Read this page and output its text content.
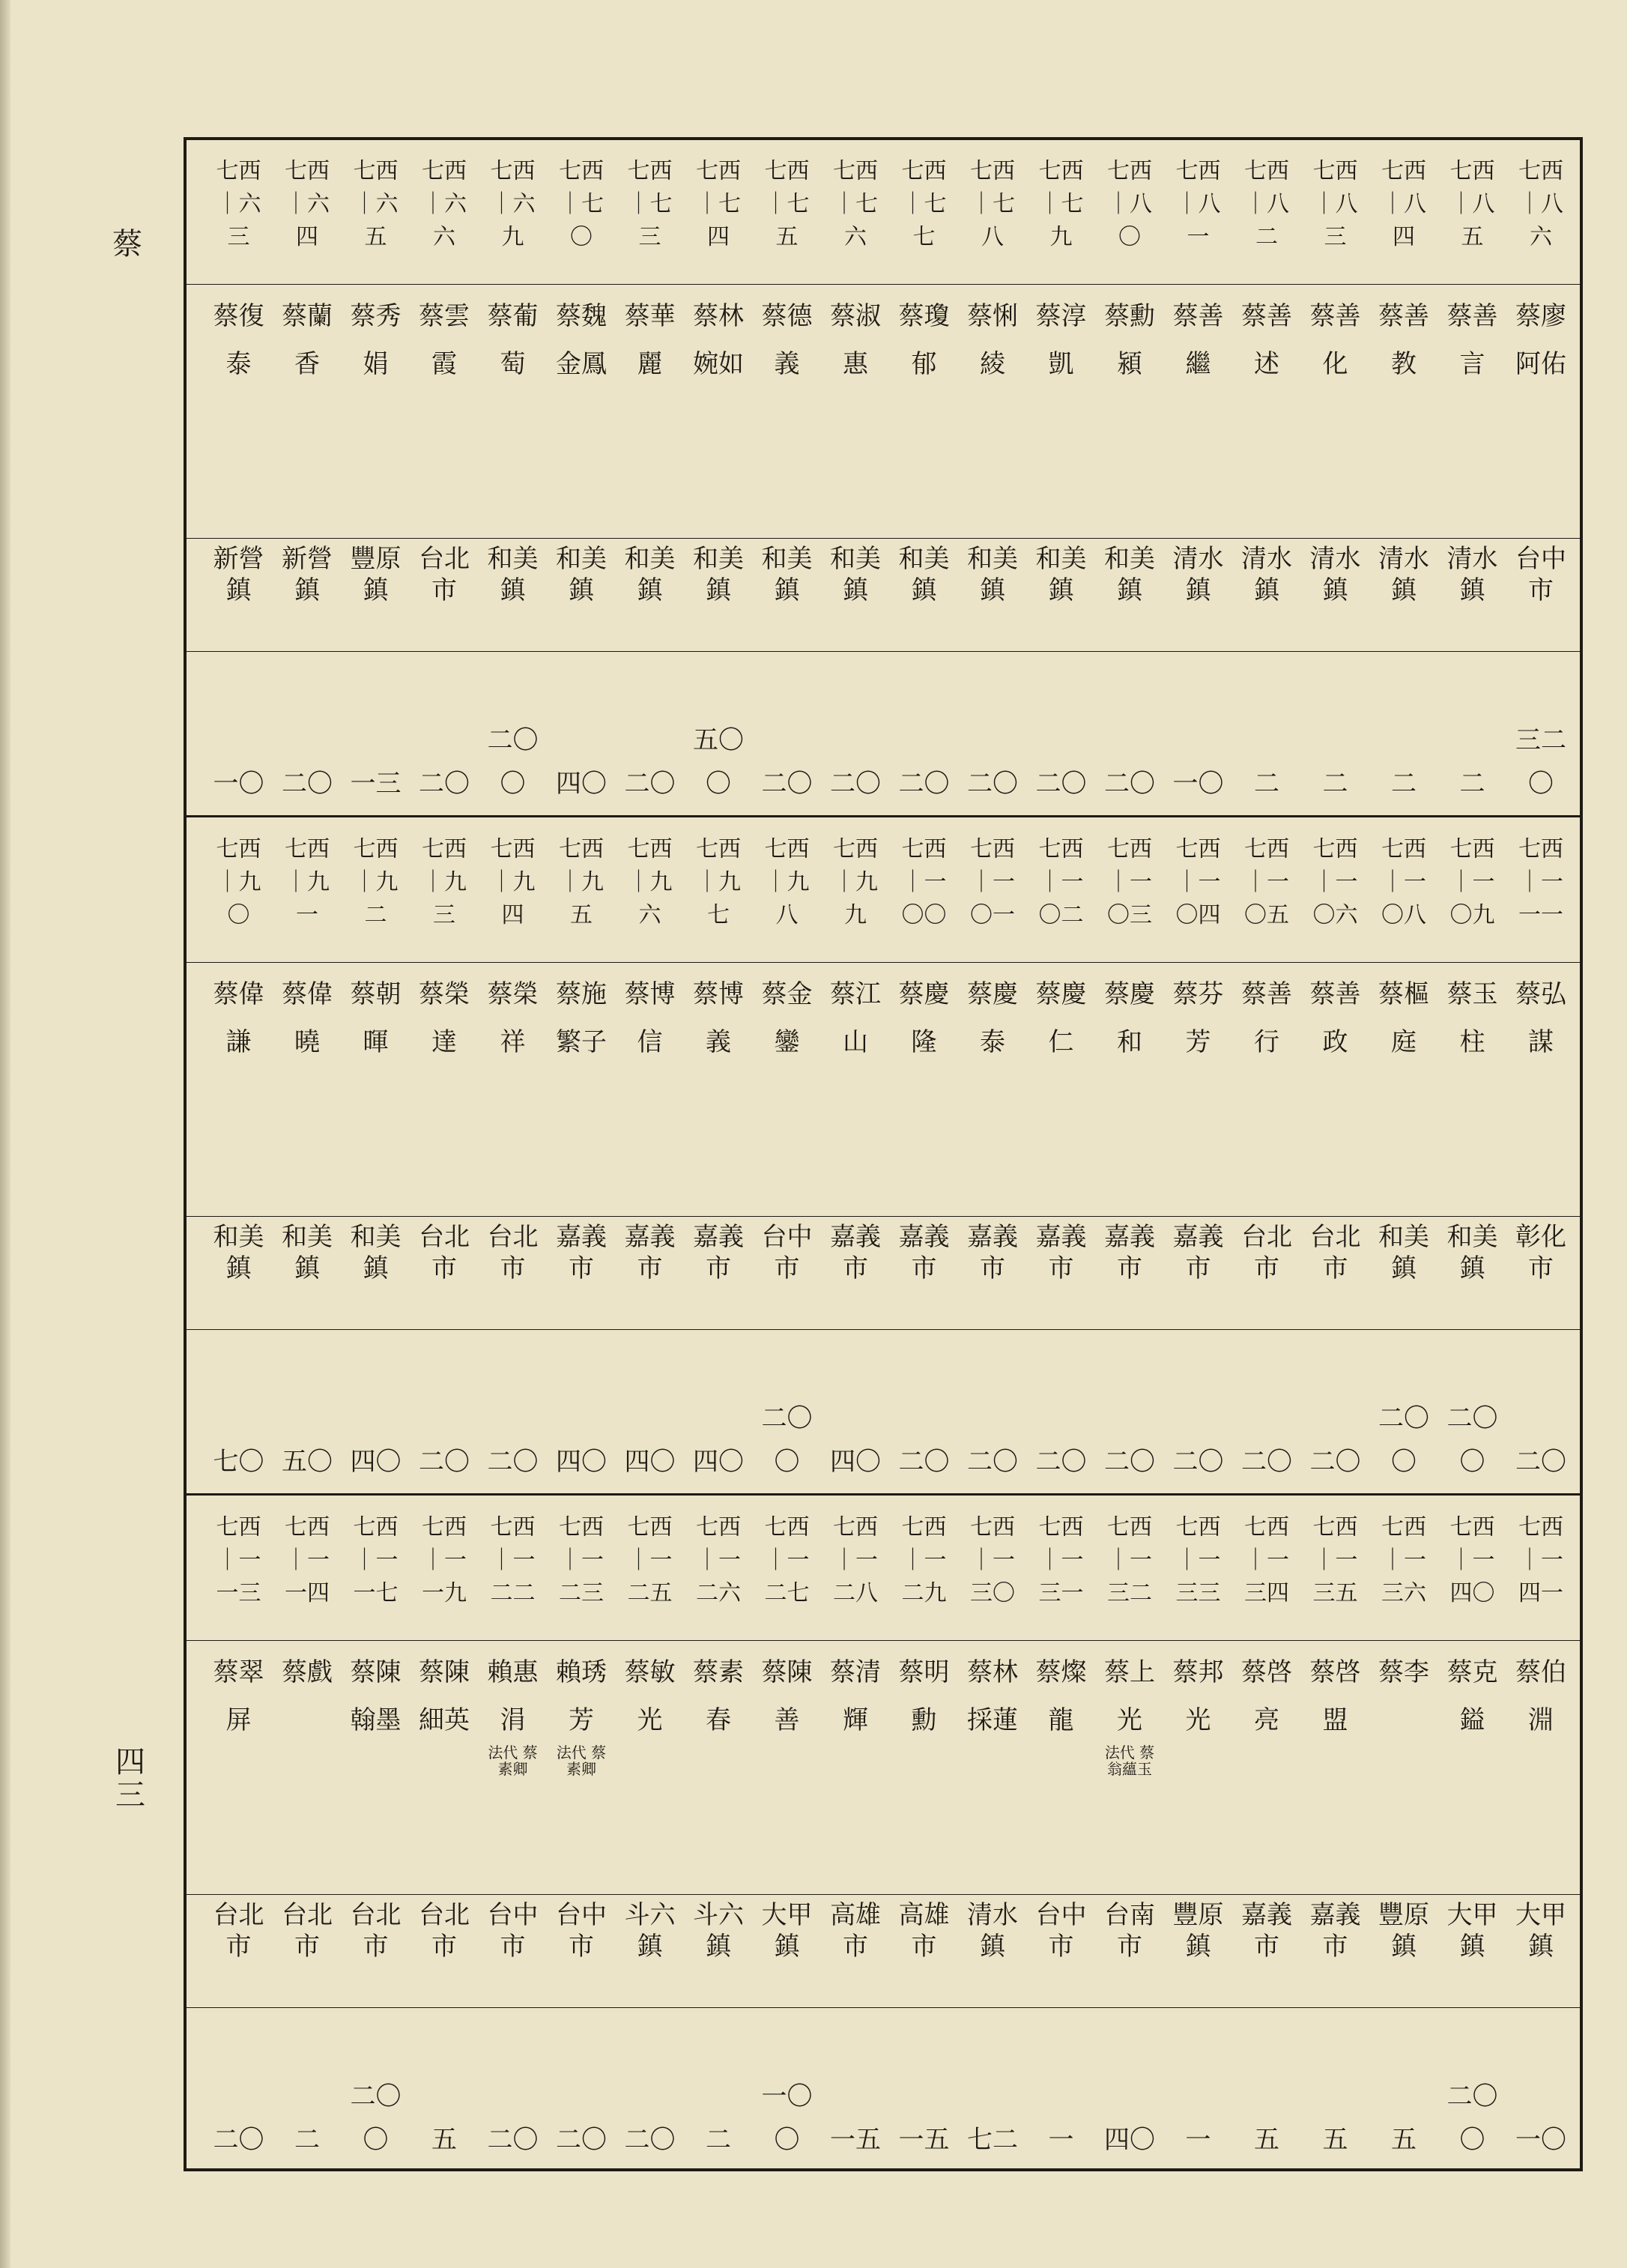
蔡
四三
七西｜八六
蔡廖阿佑
台中市
三二〇
七西｜八五
蔡善言
清水鎮
二
七西｜八四
蔡善教
清水鎮
二
七西｜八三
蔡善化
清水鎮
二
七西｜八二
蔡善述
清水鎮
二
七西｜八一
蔡善繼
清水鎮
一〇
七西｜八〇
蔡勳潁
和美鎮
二〇
七西｜七九
蔡淳凱
和美鎮
二〇
七西｜七八
蔡悧綾
和美鎮
二〇
七西｜七七
蔡瓊郁
和美鎮
二〇
七西｜七六
蔡淑惠
和美鎮
二〇
七西｜七五
蔡德義
和美鎮
二〇
七西｜七四
蔡林婉如
和美鎮
五〇〇
七西｜七三
蔡華麗
和美鎮
二〇
七西｜七〇
蔡魏金鳳
和美鎮
四〇
七西｜六九
蔡葡萄
和美鎮
二〇〇
七西｜六六
蔡雲霞
台北市
二〇
七西｜六五
蔡秀娟
豐原鎮
一三
七西｜六四
蔡蘭香
新營鎮
二〇
七西｜六三
蔡復泰
新營鎮
一〇
七西｜一一一
蔡弘謀
彰化市
二〇
七西｜一〇九
蔡玉柱
和美鎮
二〇〇
七西｜一〇八
蔡樞庭
和美鎮
二〇〇
七西｜一〇六
蔡善政
台北市
二〇
七西｜一〇五
蔡善行
台北市
二〇
七西｜一〇四
蔡芬芳
嘉義市
二〇
七西｜一〇三
蔡慶和
嘉義市
二〇
七西｜一〇二
蔡慶仁
嘉義市
二〇
七西｜一〇一
蔡慶泰
嘉義市
二〇
七西｜一〇〇
蔡慶隆
嘉義市
二〇
七西｜九九
蔡江山
嘉義市
四〇
七西｜九八
蔡金鑾
台中市
二〇〇
七西｜九七
蔡博義
嘉義市
四〇
七西｜九六
蔡博信
嘉義市
四〇
七西｜九五
蔡施繁子
嘉義市
四〇
七西｜九四
蔡榮祥
台北市
二〇
七西｜九三
蔡榮達
台北市
二〇
七西｜九二
蔡朝暉
和美鎮
四〇
七西｜九一
蔡偉曉
和美鎮
五〇
七西｜九〇
蔡偉謙
和美鎮
七〇
七西｜一四一
蔡伯淵
大甲鎮
一〇
七西｜一四〇
蔡克鎰
大甲鎮
二〇〇
七西｜一三六
蔡李
豐原鎮
五
七西｜一三五
蔡啓盟
嘉義市
五
七西｜一三四
蔡啓亮
嘉義市
五
七西｜一三三
蔡邦光
豐原鎮
一
七西｜一三二
蔡上光
法代 蔡翁蘊玉
台南市
四〇
七西｜一三一
蔡燦龍
台中市
一
七西｜一三〇
蔡林採蓮
清水鎮
七二
七西｜一二九
蔡明勳
高雄市
一五
七西｜一二八
蔡清輝
高雄市
一五
七西｜一二七
蔡陳善
大甲鎮
一〇〇
七西｜一二六
蔡素春
斗六鎮
二
七西｜一二五
蔡敏光
斗六鎮
二〇
七西｜一二三
賴琇芳
法代 蔡素卿
台中市
二〇
七西｜一二二
賴惠涓
法代 蔡素卿
台中市
二〇
七西｜一一九
蔡陳細英
台北市
五
七西｜一一七
蔡陳翰墨
台北市
二〇〇
七西｜一一四
蔡戲
台北市
二
七西｜一一三
蔡翠屏
台北市
二〇
